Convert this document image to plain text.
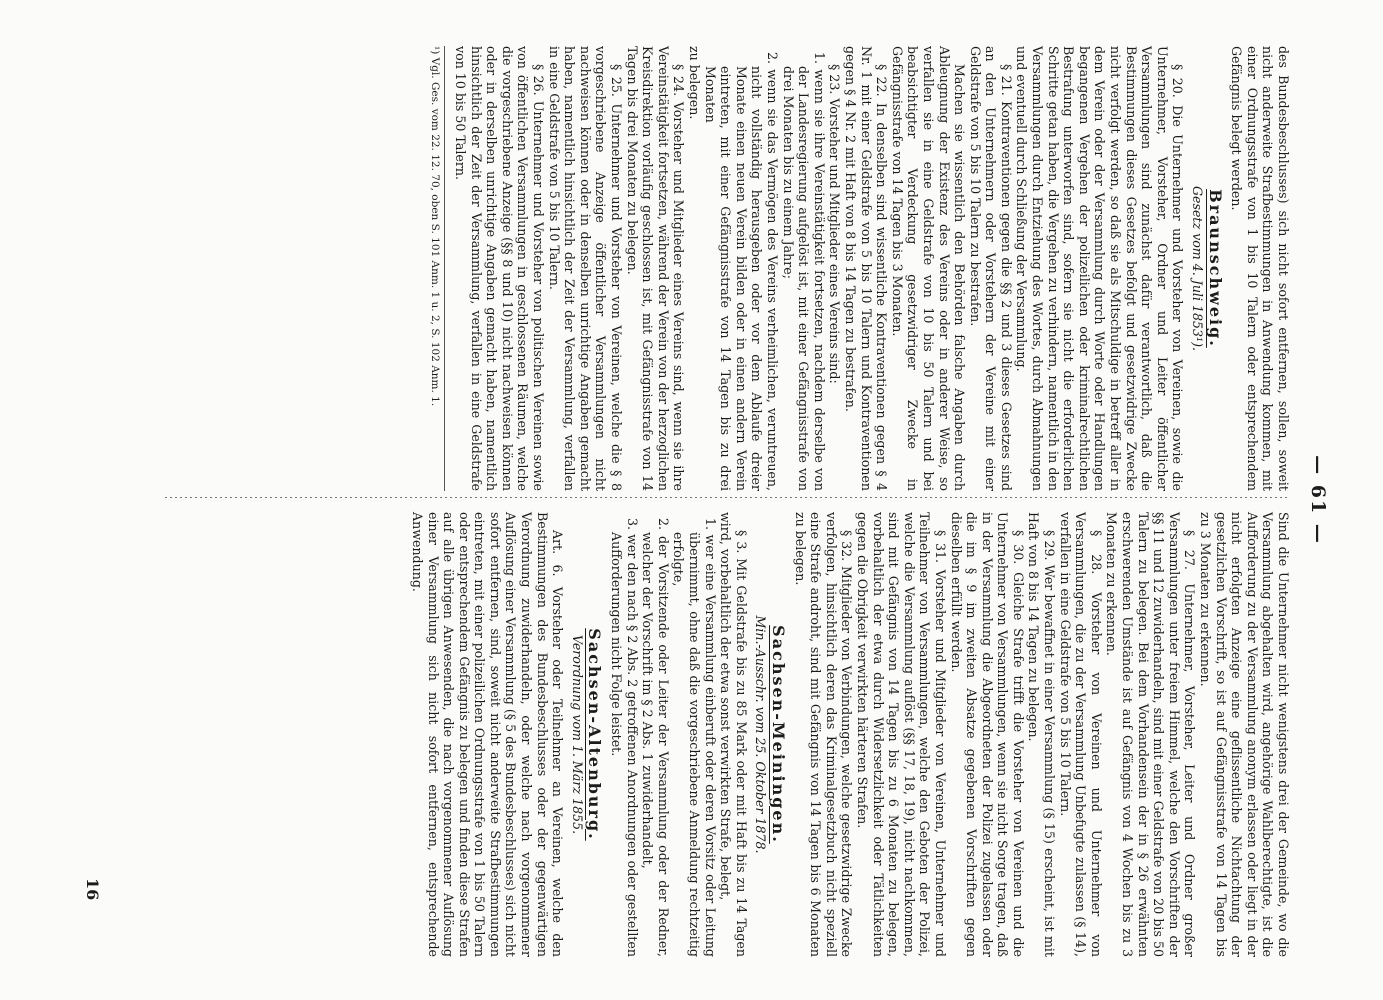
— 61 —

des Bundesbeschlusses) sich nicht sofort entfernen, sollen, soweit nicht anderweite Strafbestimmungen in Anwendung kommen, mit einer Ordnungsstrafe von 1 bis 10 Talern oder entsprechendem Gefängnis belegt werden.

Braunschweig.

Gesetz vom 4. Juli 1853¹).

§ 20. Die Unternehmer und Vorsteher von Vereinen, sowie die Unternehmer, Vorsteher, Ordner und Leiter öffentlicher Versammlungen sind zunächst dafür verantwortlich, daß die Bestimmungen dieses Gesetzes befolgt und gesetzwidrige Zwecke nicht verfolgt werden, so daß sie als Mitschuldige in betreff aller in dem Verein oder der Versammlung durch Worte oder Handlungen begangenen Vergehen der polizeilichen oder kriminalrechtlichen Bestrafung unterworfen sind, sofern sie nicht die erforderlichen Schritte getan haben, die Vergehen zu verhindern, namentlich in den Versammlungen durch Entziehung des Wortes, durch Abmahnungen und eventuell durch Schließung der Versammlung.

§ 21. Kontraventionen gegen die §§ 2 und 3 dieses Gesetzes sind an den Unternehmern oder Vorstehern der Vereine mit einer Geldstrafe von 5 bis 10 Talern zu bestrafen.

Machen sie wissentlich den Behörden falsche Angaben durch Ableugnung der Existenz des Vereins oder in anderer Weise, so verfallen sie in eine Geldstrafe von 10 bis 50 Talern und bei beabsichtigter Verdeckung gesetzwidriger Zwecke in Gefängnisstrafe von 14 Tagen bis 3 Monaten.

§ 22. In denselben sind wissentliche Kontraventionen gegen § 4 Nr. 1 mit einer Geldstrafe von 5 bis 10 Talern und Kontraventionen gegen § 4 Nr. 2 mit Haft von 8 bis 14 Tagen zu bestrafen.

§ 23. Vorsteher und Mitglieder eines Vereins sind:

1. wenn sie ihre Vereinstätigkeit fortsetzen, nachdem derselbe von der Landesregierung aufgelöst ist, mit einer Gefängnisstrafe von drei Monaten bis zu einem Jahre;

2. wenn sie das Vermögen des Vereins verheimlichen, veruntreuen, nicht vollständig herausgeben oder vor dem Ablaufe dreier Monate einen neuen Verein bilden oder in einen andern Verein eintreten, mit einer Gefängnisstrafe von 14 Tagen bis zu drei Monaten

zu belegen.

§ 24. Vorsteher und Mitglieder eines Vereins sind, wenn sie ihre Vereinstätigkeit fortsetzen, während der Verein von der herzoglichen Kreisdirektion vorläufig geschlossen ist, mit Gefängnisstrafe von 14 Tagen bis drei Monaten zu belegen.

§ 25. Unternehmer und Vorsteher von Vereinen, welche die § 8 vorgeschriebene Anzeige öffentlicher Versammlungen nicht nachweisen können oder in denselben unrichtige Angaben gemacht haben, namentlich hinsichtlich der Zeit der Versammlung, verfallen in eine Geldstrafe von 5 bis 10 Talern.

§ 26. Unternehmer und Vorsteher von politischen Vereinen sowie von öffentlichen Versammlungen in geschlossenen Räumen, welche die vorgeschriebene Anzeige (§§ 8 und 10) nicht nachweisen können oder in derselben unrichtige Angaben gemacht haben, namentlich hinsichtlich der Zeit der Versammlung, verfallen in eine Geldstrafe von 10 bis 50 Talern.

¹) Vgl. Ges. vom 22. 12. 70, oben S. 101 Anm. 1 u. 2, S. 102 Anm. 1.

Sind die Unternehmer nicht wenigstens drei der Gemeinde, wo die Versammlung abgehalten wird, angehörige Wahlberechtigte, ist die Aufforderung zu der Versammlung anonym erlassen oder liegt in der nicht erfolgten Anzeige eine geflissentliche Nichtachtung der gesetzlichen Vorschrift, so ist auf Gefängnisstrafe von 14 Tagen bis zu 3 Monaten zu erkennen.

§ 27. Unternehmer, Vorsteher, Leiter und Ordner großer Versammlungen unter freiem Himmel, welche den Vorschriften der §§ 11 und 12 zuwiderhandeln, sind mit einer Geldstrafe von 20 bis 50 Talern zu belegen. Bei dem Vorhandensein der in § 26 erwähnten erschwerenden Umstände ist auf Gefängnis von 4 Wochen bis zu 3 Monaten zu erkennen.

§ 28. Vorsteher von Vereinen und Unternehmer von Versammlungen, die zu der Versammlung Unbefugte zulassen (§ 14), verfallen in eine Geldstrafe von 5 bis 10 Talern.

§ 29. Wer bewaffnet in einer Versammlung (§ 15) erscheint, ist mit Haft von 8 bis 14 Tagen zu belegen.

§ 30. Gleiche Strafe trifft die Vorsteher von Vereinen und die Unternehmer von Versammlungen, wenn sie nicht Sorge tragen, daß in der Versammlung die Abgeordneten der Polizei zugelassen oder die im § 9 im zweiten Absatze gegebenen Vorschriften gegen dieselben erfüllt werden.

§ 31. Vorsteher und Mitglieder von Vereinen, Unternehmer und Teilnehmer von Versammlungen, welche den Geboten der Polizei, welche die Versammlung auflöst (§§ 17, 18, 19), nicht nachkommen, sind mit Gefängnis von 14 Tagen bis zu 6 Monaten zu belegen, vorbehaltlich der etwa durch Widersetzlichkeit oder Tätlichkeiten gegen die Obrigkeit verwirkten härteren Strafen.

§ 32. Mitglieder von Verbindungen, welche gesetzwidrige Zwecke verfolgen, hinsichtlich deren das Kriminalgesetzbuch nicht speziell eine Strafe androht, sind mit Gefängnis von 14 Tagen bis 6 Monaten zu belegen.

Sachsen-Meiningen.

Min.-Ausschr. vom 25. Oktober 1878.

§ 3. Mit Geldstrafe bis zu 85 Mark oder mit Haft bis zu 14 Tagen wird, vorbehaltlich der etwa sonst verwirkten Strafe, belegt,

1. wer eine Versammlung einberuft oder deren Vorsitz oder Leitung übernimmt, ohne daß die vorgeschriebene Anmeldung rechtzeitig erfolgte,

2. der Vorsitzende oder Leiter der Versammlung oder der Redner, welcher der Vorschrift im § 2 Abs. 1 zuwiderhandelt,

3. wer den nach § 2 Abs. 2 getroffenen Anordnungen oder gestellten Aufforderungen nicht Folge leistet.

Sachsen-Altenburg.

Verordnung vom 1. März 1855.

Art. 6. Vorsteher oder Teilnehmer an Vereinen, welche den Bestimmungen des Bundesbeschlusses oder der gegenwärtigen Verordnung zuwiderhandeln, oder welche nach vorgenommener Auflösung einer Versammlung (§ 5 des Bundesbeschlusses) sich nicht sofort entfernen, sind, soweit nicht anderweite Strafbestimmungen eintreten, mit einer polizeilichen Ordnungsstrafe von 1 bis 50 Talern oder entsprechendem Gefängnis zu belegen und finden diese Strafen auf alle übrigen Anwesenden, die nach vorgenommener Auflösung einer Versammlung sich nicht sofort entfernen, entsprechende Anwendung.

16
